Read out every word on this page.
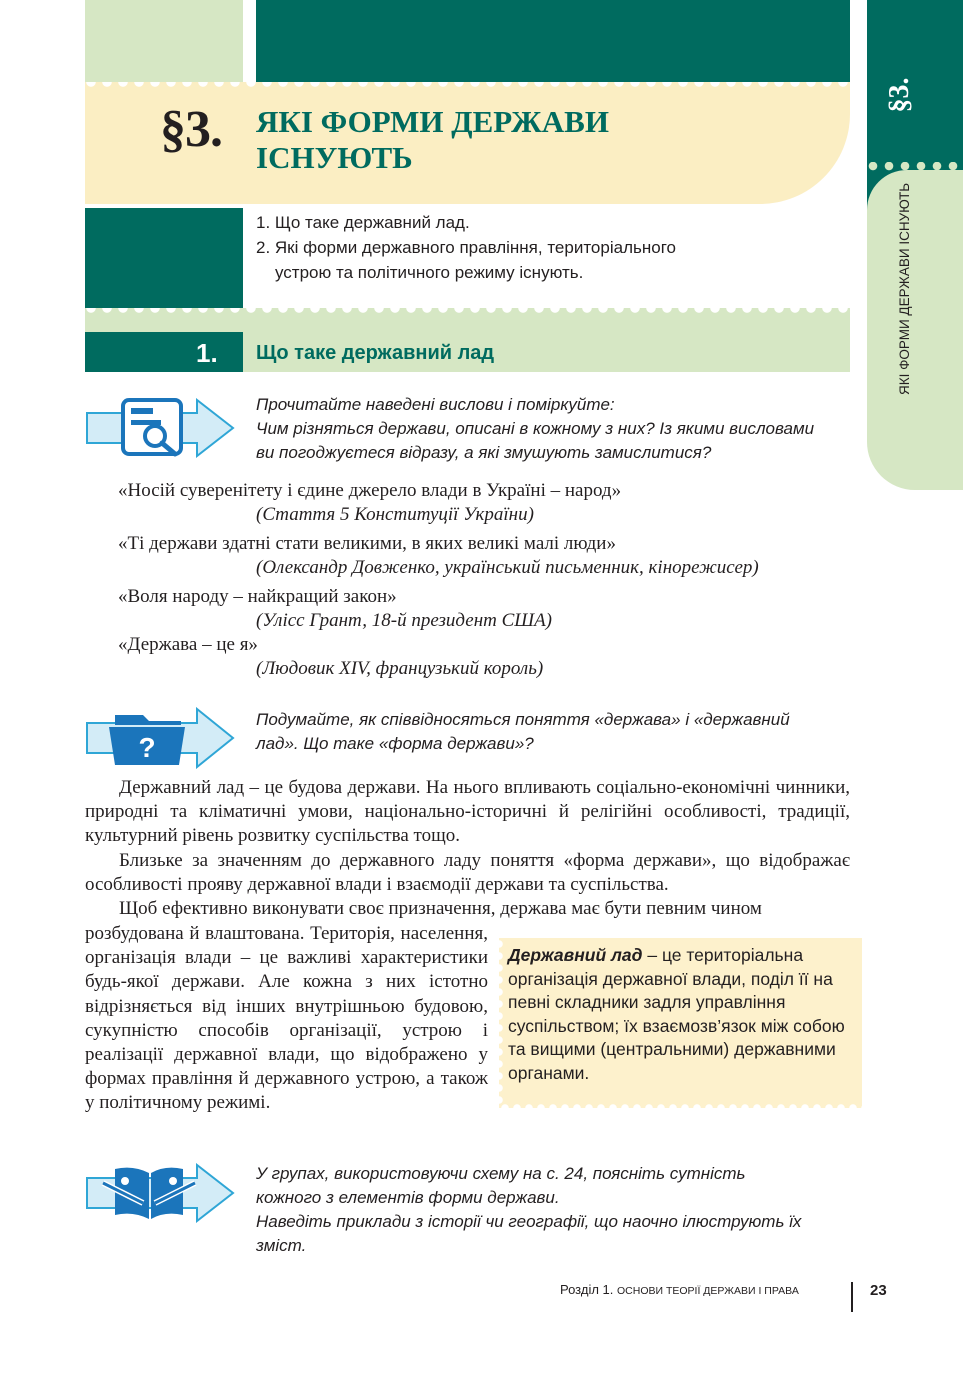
§3. ЯКІ ФОРМИ ДЕРЖАВИ
ІСНУЮТЬ
1. Що таке державний лад.
2. Які форми державного правління, територіального
устрою та політичного режиму існують.
1. Що таке державний лад
§3.
ЯКІ ФОРМИ ДЕРЖАВИ ІСНУЮТЬ
Прочитайте наведені вислови і поміркуйте:
Чим різняться держави, описані в кожному з них? Із якими висловами
ви погоджуєтеся відразу, а які змушують замислитися?
«Носій суверенітету і єдине джерело влади в Україні – народ»
(Стаття 5 Конституції України)
«Ті держави здатні стати великими, в яких великі малі люди»
(Олександр Довженко, український письменник, кінорежисер)
«Воля народу – найкращий закон»
(Уліcс Грант, 18-й президент США)
«Держава – це я»
(Людовик XIV, французький король)
?
Подумайте, як співвідносяться поняття «держава» і «державний
лад». Що таке «форма держави»?

Державний лад – це будова держави. На нього впливають соціально-економічні чинники, природні та кліматичні умови, національно-історичні й релігійні особливості, традиції, культурний рівень розвитку суспільства тощо.

Близьке за значенням до державного ладу поняття «форма держави», що відображає особливості прояву державної влади і взаємодії держави та суспільства.

Щоб ефективно виконувати своє призначення, держава має бути певним чином

розбудована й влаштована. Територія, населення, організація влади – це важливі характеристики будь-якої держави. Але кожна з них істотно відрізняється від інших внутрішньою будовою, сукупністю способів організації, устрою і реалізації державної влади, що відображено у формах правління й державного устрою, а також у політичному режимі.
Державний лад – це територіальна організація державної влади, поділ її на певні складники задля управління суспільством; їх взаємозв’язок між собою та вищими (центральними) державними органами.
У групах, використовуючи схему на с. 24, поясніть сутність
кожного з елементів форми держави.
Наведіть приклади з історії чи географії, що наочно ілюструють їх
зміст.
Розділ 1. ОСНОВИ ТЕОРІЇ ДЕРЖАВИ І ПРАВА	23
